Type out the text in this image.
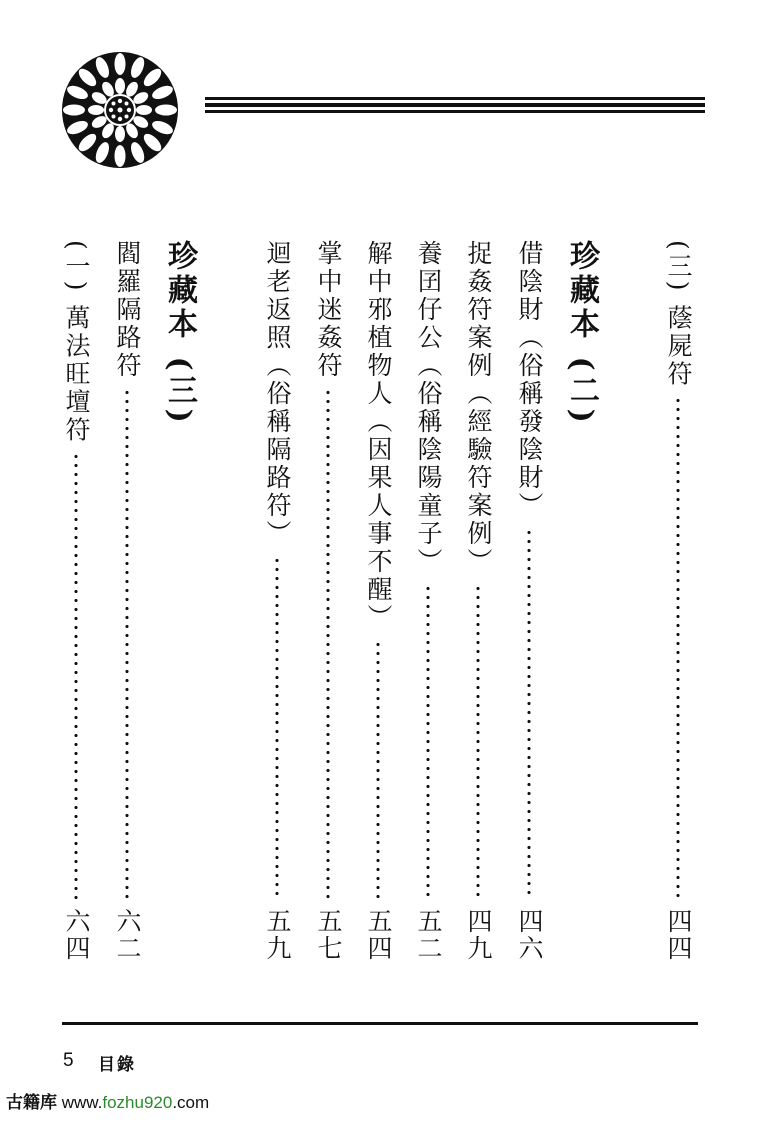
(三) 蔭屍符
四四
珍藏本 (二)
借陰財（俗稱發陰財）
四六
捉姦符案例（經驗符案例）
四九
養囝仔公（俗稱陰陽童子）
五二
解中邪植物人（因果人事不醒）
五四
掌中迷姦符
五七
迴老返照（俗稱隔路符）
五九
珍藏本 (三)
閻羅隔路符
六二
(一) 萬法旺壇符
六四
5 目錄
古籍库 www.fozhu920.com
